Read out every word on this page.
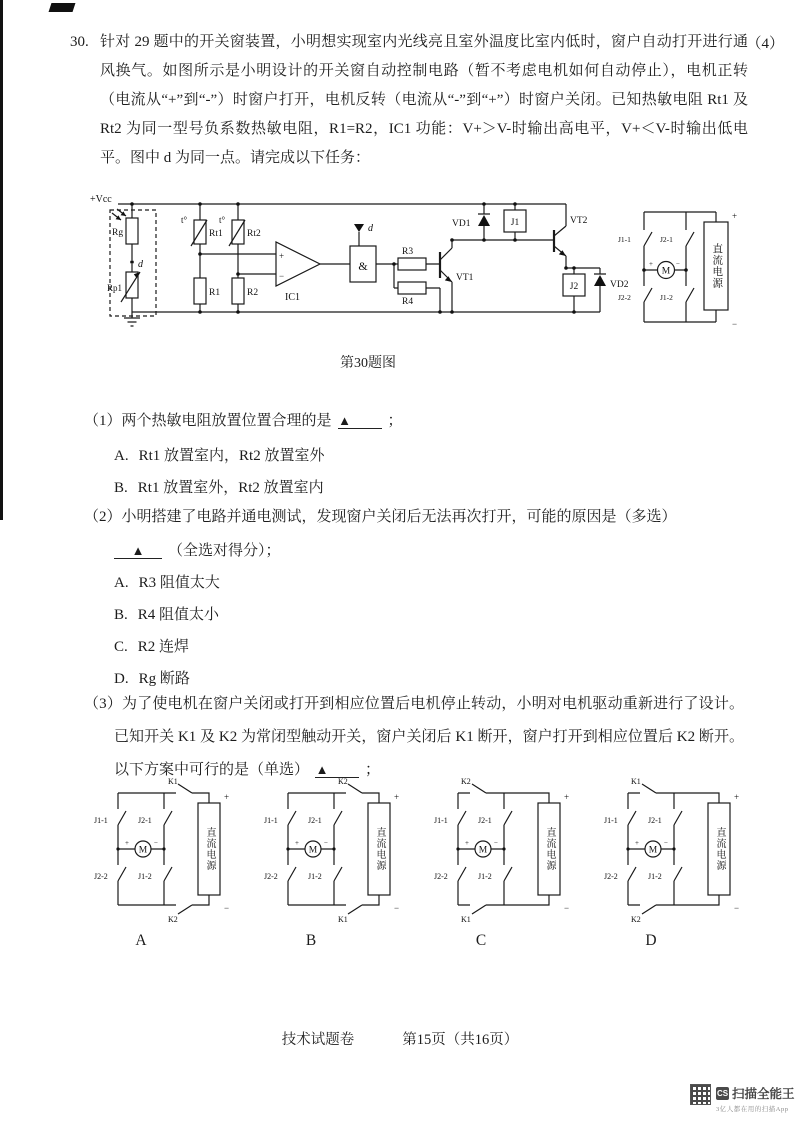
（4）
30. 针对 29 题中的开关窗装置，小明想实现室内光线亮且室外温度比室内低时，窗户自动打开进行通风换气。如图所示是小明设计的开关窗自动控制电路（暂不考虑电机如何自动停止），电机正转（电流从“+”到“-”）时窗户打开，电机反转（电流从“-”到“+”）时窗户关闭。已知热敏电阻 Rt1 及 Rt2 为同一型号负系数热敏电阻，R1=R2，IC1 功能：V+＞V-时输出高电平，V+＜V-时输出低电平。图中 d 为同一点。请完成以下任务：
+Vcc
Rg
d
Rp1
t°	t°
Rt1	Rt2
R1	R2
+
−
IC1
&
d
R3
R4
VT1
VD1	J1	VT2
J2	VD2
J1-1	J2-1
J2-2	J1-2
M
+	−
+
−
直流电源
第30题图
（1）两个热敏电阻放置位置合理的是 ▲ ；
A. Rt1 放置室内，Rt2 放置室外
B. Rt1 放置室外，Rt2 放置室内
（2）小明搭建了电路并通电测试，发现窗户关闭后无法再次打开，可能的原因是（多选）
▲ （全选对得分）；
A. R3 阻值太大
B. R4 阻值太小
C. R2 连焊
D. Rg 断路
（3）为了使电机在窗户关闭或打开到相应位置后电机停止转动，小明对电机驱动重新进行了设计。已知开关 K1 及 K2 为常闭型触动开关，窗户关闭后 K1 断开，窗户打开到相应位置后 K2 断开。以下方案中可行的是（单选） ▲ ；
K1
K2
J1-1	J2-1
J2-2	J1-2
M
+	−
+
−
直流电源
A
K2
K1
J1-1	J2-1
J2-2	J1-2
M
+	−
+
−
直流电源
B
K2
K1
J1-1	J2-1
J2-2	J1-2
M
+	−
+
−
直流电源
C
K1
K2
J1-1	J2-1
J2-2	J1-2
M
+	−
+
−
直流电源
D
技术试题卷	第15页（共16页）
CS 扫描全能王
3亿人都在用的扫描App
